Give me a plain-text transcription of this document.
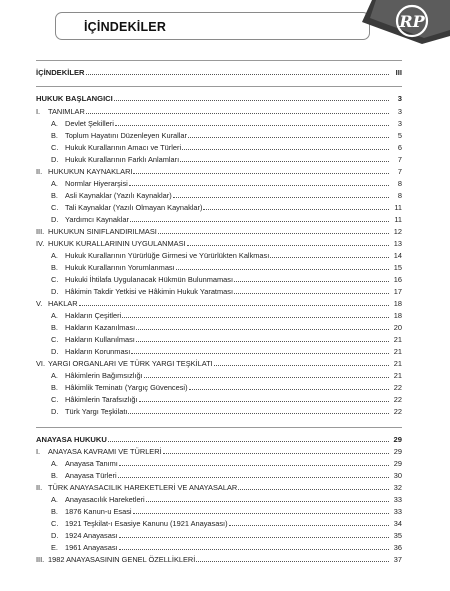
İÇİNDEKİLER	RP
İÇİNDEKİLER	III
HUKUK BAŞLANGICI	3
I.	TANIMLAR	3
A. Devlet Şekilleri	3
B. Toplum Hayatını Düzenleyen Kurallar	5
C. Hukuk Kurallarının Amacı ve Türleri	6
D. Hukuk Kurallarının Farklı Anlamları	7
II. HUKUKUN KAYNAKLARI	7
A. Normlar Hiyerarşisi	8
B. Asli Kaynaklar (Yazılı Kaynaklar)	8
C. Tali Kaynaklar (Yazılı Olmayan Kaynaklar)	11
D. Yardımcı Kaynaklar	11
III. HUKUKUN SINIFLANDIRILMASI	12
IV. HUKUK KURALLARININ UYGULANMASI	13
A. Hukuk Kurallarının Yürürlüğe Girmesi ve Yürürlükten Kalkması	14
B. Hukuk Kurallarının Yorumlanması	15
C. Hukuki İhtilafa Uygulanacak Hükmün Bulunmaması	16
D. Hâkimin Takdir Yetkisi ve Hâkimin Hukuk Yaratması	17
V. HAKLAR	18
A. Hakların Çeşitleri	18
B. Hakların Kazanılması	20
C. Hakların Kullanılması	21
D. Hakların Korunması	21
VI. YARGI ORGANLARI VE TÜRK YARGI TEŞKİLATI	21
A. Hâkimlerin Bağımsızlığı	21
B. Hâkimlik Teminatı (Yargıç Güvencesi)	22
C. Hâkimlerin Tarafsızlığı	22
D. Türk Yargı Teşkilatı	22
ANAYASA HUKUKU	29
I.	ANAYASA KAVRAMI VE TÜRLERİ	29
A. Anayasa Tanımı	29
B. Anayasa Türleri	30
II. TÜRK ANAYASACILIK HAREKETLERİ VE ANAYASALAR	32
A. Anayasacılık Hareketleri	33
B. 1876 Kanun-u Esasi	33
C. 1921 Teşkilat-ı Esasiye Kanunu (1921 Anayasası)	34
D. 1924 Anayasası	35
E. 1961 Anayasası	36
III. 1982 ANAYASASININ GENEL ÖZELLİKLERİ	37
